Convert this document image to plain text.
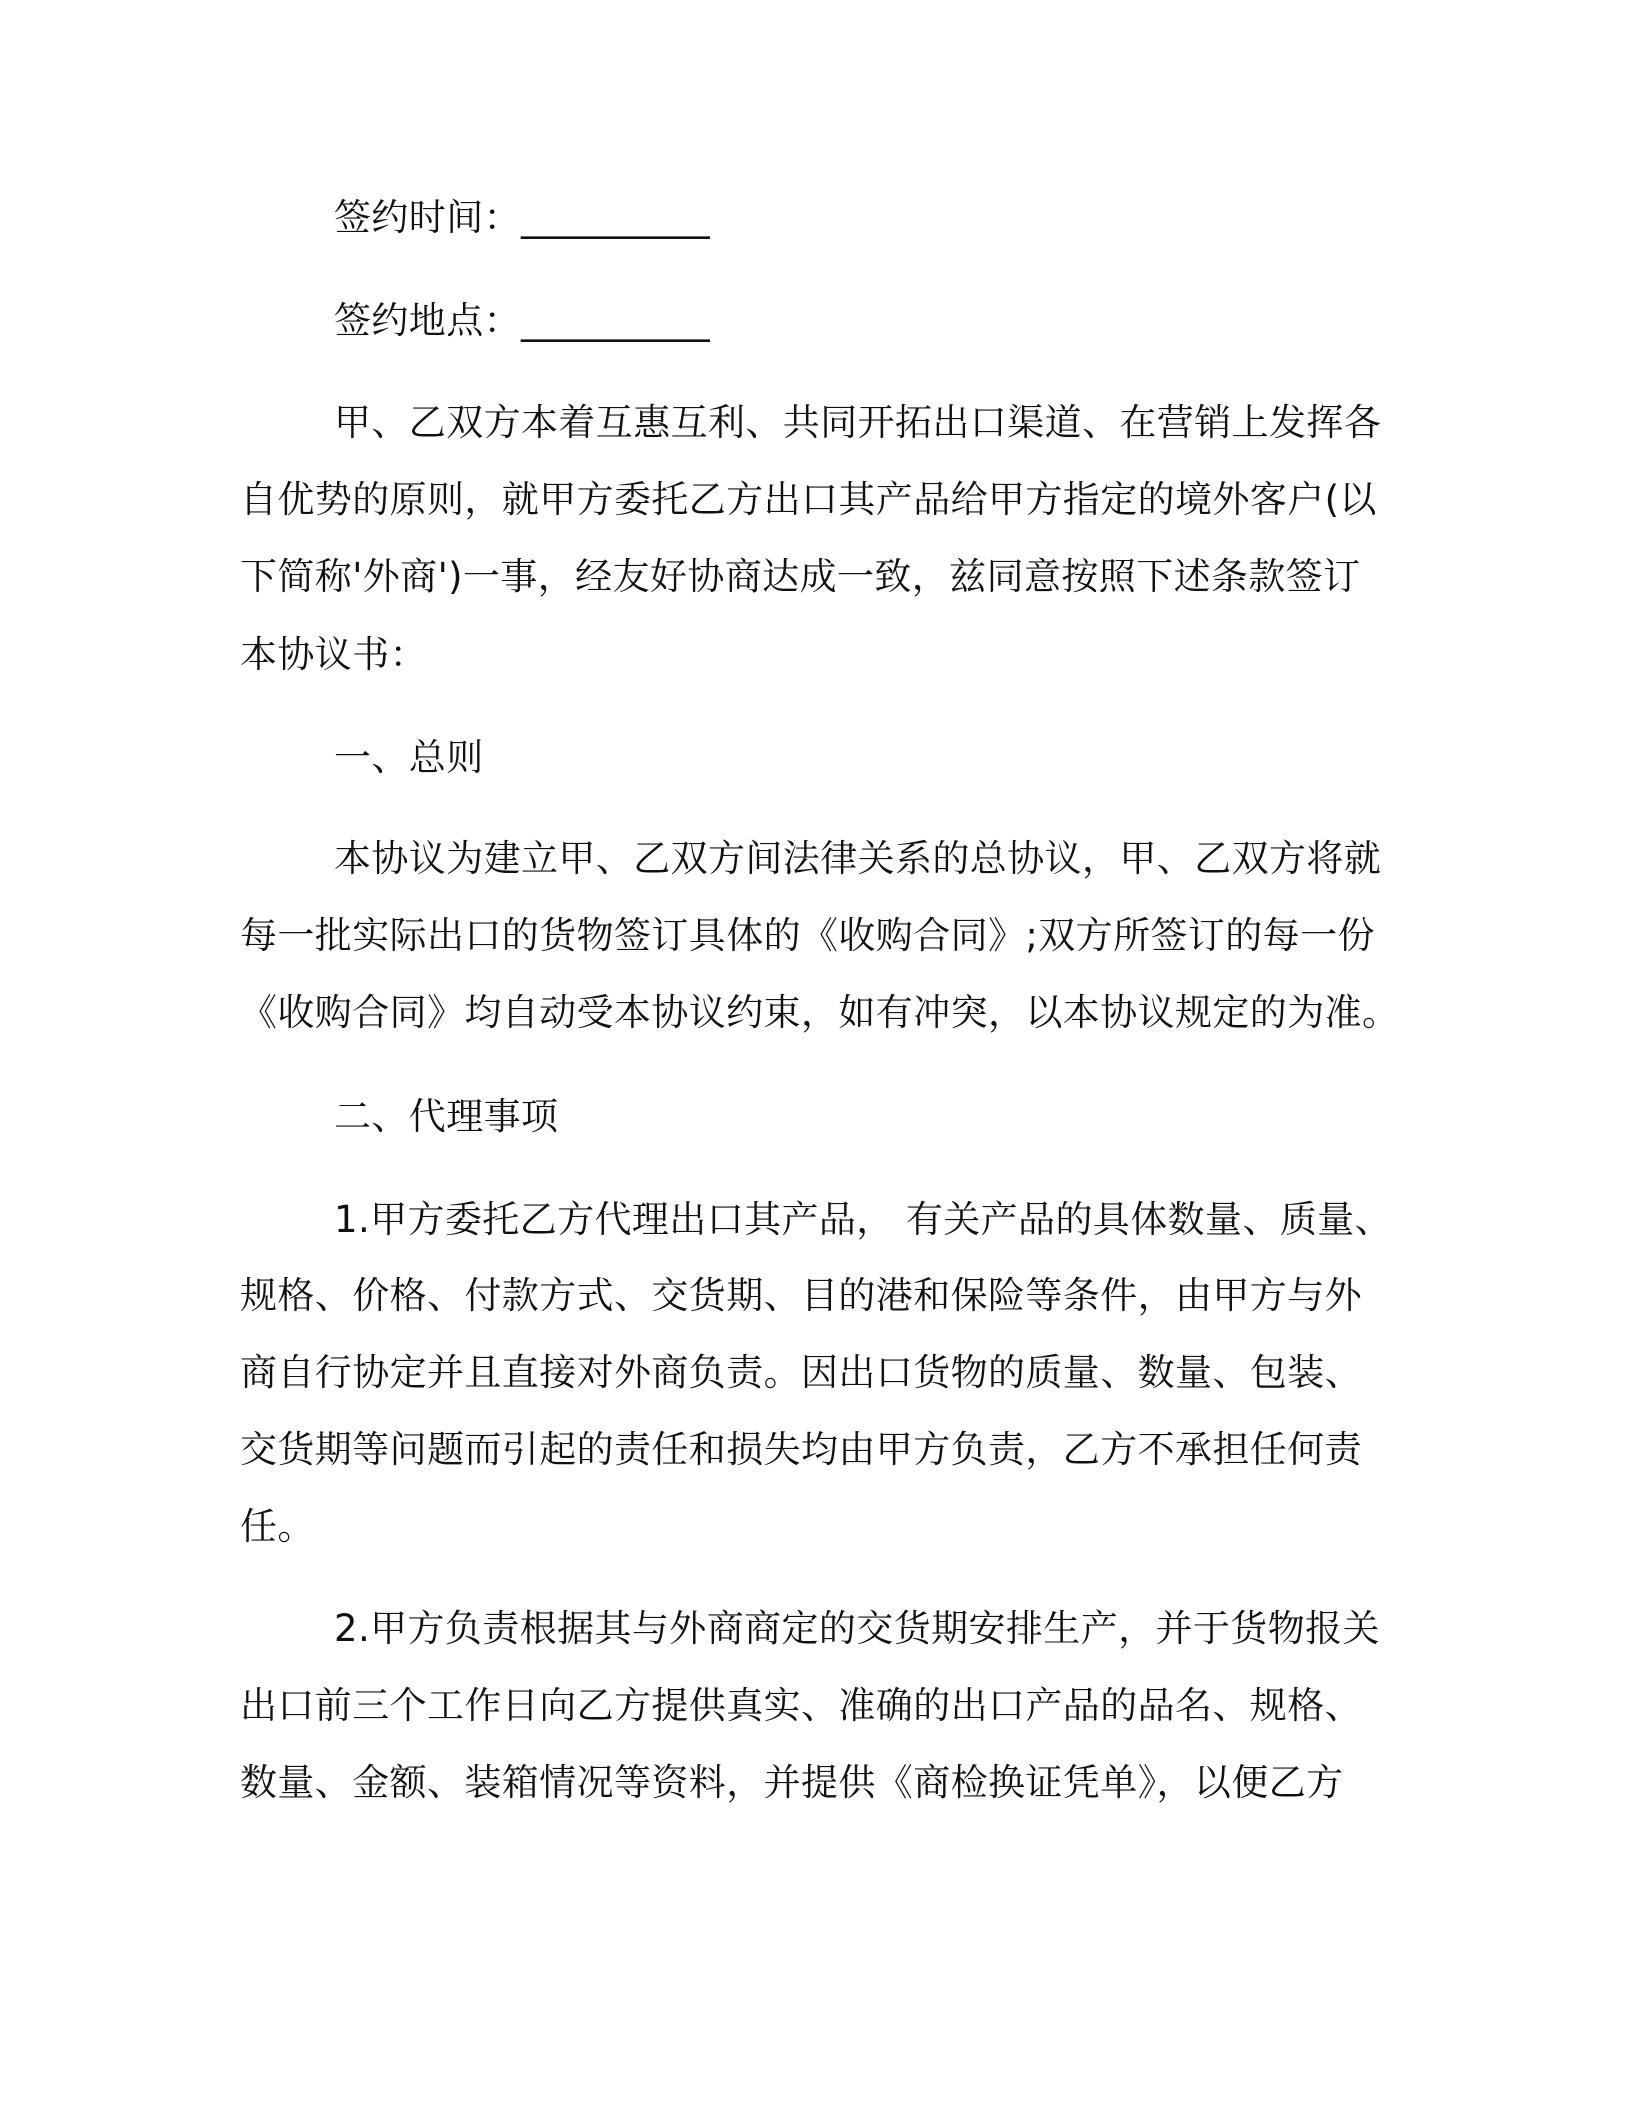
签约时间：__________
签约地点：__________
甲、乙双方本着互惠互利、共同开拓出口渠道、在营销上发挥各
自优势的原则，就甲方委托乙方出口其产品给甲方指定的境外客户(以
下简称'外商')一事，经友好协商达成一致，兹同意按照下述条款签订
本协议书：
一、总则
本协议为建立甲、乙双方间法律关系的总协议，甲、乙双方将就
每一批实际出口的货物签订具体的《收购合同》;双方所签订的每一份
《收购合同》均自动受本协议约束，如有冲突，以本协议规定的为准。
二、代理事项
1.甲方委托乙方代理出口其产品， 有关产品的具体数量、质量、
规格、价格、付款方式、交货期、目的港和保险等条件，由甲方与外
商自行协定并且直接对外商负责。因出口货物的质量、数量、包装、
交货期等问题而引起的责任和损失均由甲方负责，乙方不承担任何责
任。
2.甲方负责根据其与外商商定的交货期安排生产，并于货物报关
出口前三个工作日向乙方提供真实、准确的出口产品的品名、规格、
数量、金额、装箱情况等资料，并提供《商检换证凭单》，以便乙方
